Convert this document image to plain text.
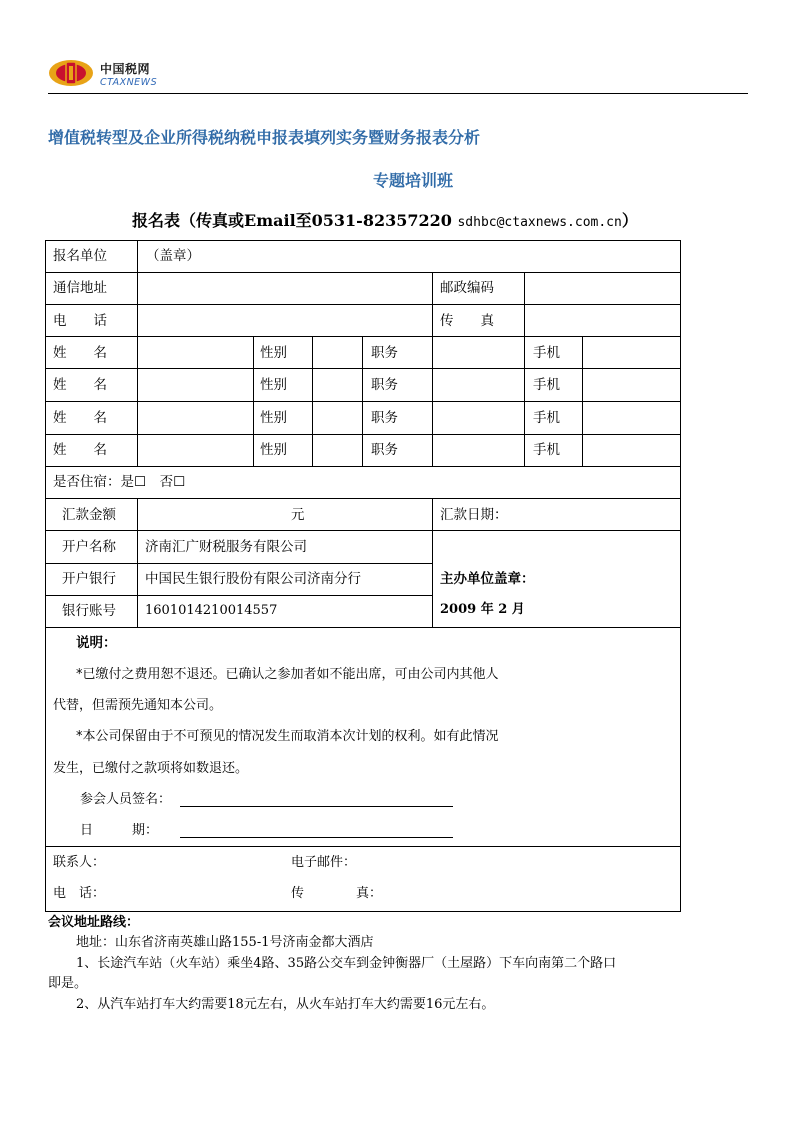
中国税网
CTAXNEWS
增值税转型及企业所得税纳税申报表填列实务暨财务报表分析
专题培训班
报名表（传真或Email至0531-82357220 sdhbc@ctaxnews.com.cn）
报名单位	（盖章）
通信地址	邮政编码
电　　话	传　　真
姓　　名	性别	职务	手机
姓　　名	性别	职务	手机
姓　　名	性别	职务	手机
姓　　名	性别	职务	手机
是否住宿：是☐　否☐
汇款金额	元	汇款日期：
开户名称 济南汇广财税服务有限公司
开户银行 中国民生银行股份有限公司济南分行	主办单位盖章：
银行账号 1601014210014557	2009 年 2 月
说明：
*已缴付之费用恕不退还。已确认之参加者如不能出席，可由公司内其他人
代替，但需预先通知本公司。
*本公司保留由于不可预见的情况发生而取消本次计划的权利。如有此情况
发生，已缴付之款项将如数退还。
参会人员签名：
日　　　期：
联系人：	电子邮件：
电　话：	传　　　　真：
会议地址路线：
地址：山东省济南英雄山路155-1号济南金都大酒店
1、长途汽车站（火车站）乘坐4路、35路公交车到金钟衡器厂（土屋路）下车向南第二个路口
即是。
2、从汽车站打车大约需要18元左右，从火车站打车大约需要16元左右。
